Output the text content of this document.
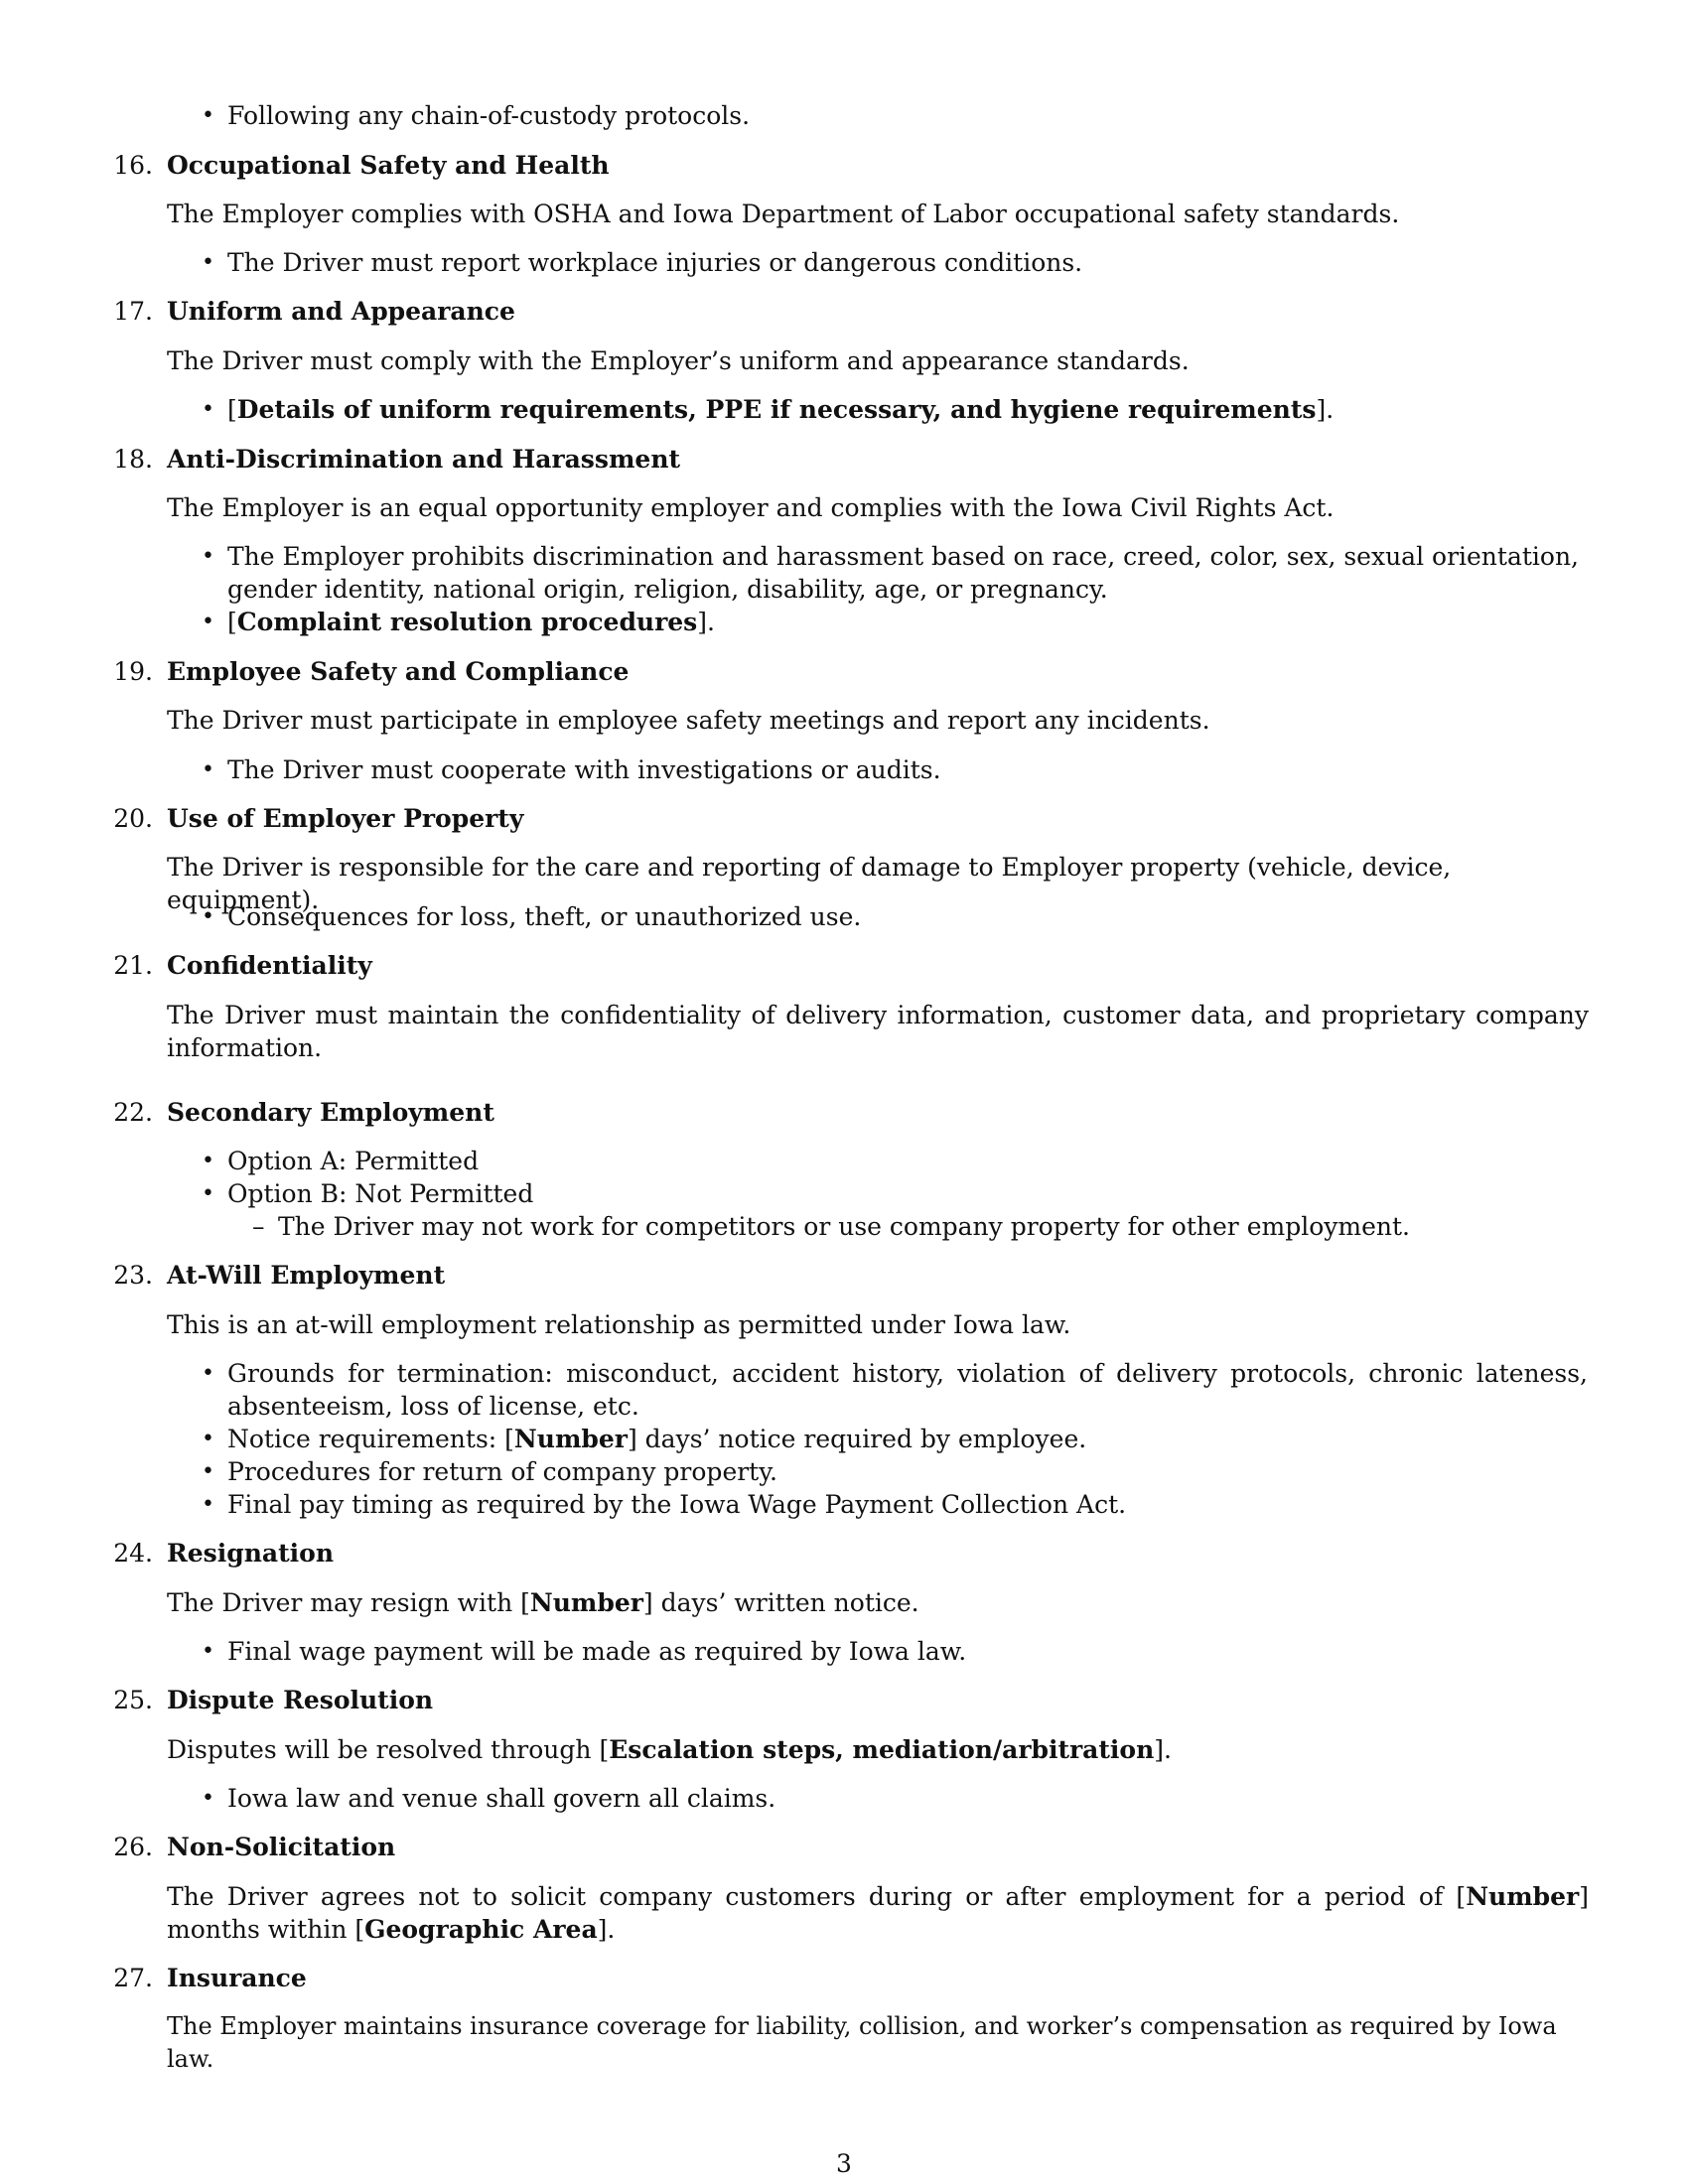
• Following any chain-of-custody protocols.

16. Occupational Safety and Health

The Employer complies with OSHA and Iowa Department of Labor occupational safety standards.

• The Driver must report workplace injuries or dangerous conditions.

17. Uniform and Appearance

The Driver must comply with the Employer’s uniform and appearance standards.

• [Details of uniform requirements, PPE if necessary, and hygiene requirements].

18. Anti-Discrimination and Harassment

The Employer is an equal opportunity employer and complies with the Iowa Civil Rights Act.

• The Employer prohibits discrimination and harassment based on race, creed, color, sex, sexual orientation, gender identity, national origin, religion, disability, age, or pregnancy.

• [Complaint resolution procedures].

19. Employee Safety and Compliance

The Driver must participate in employee safety meetings and report any incidents.

• The Driver must cooperate with investigations or audits.

20. Use of Employer Property

The Driver is responsible for the care and reporting of damage to Employer property (vehicle, device, equipment).

• Consequences for loss, theft, or unauthorized use.

21. Confidentiality

The Driver must maintain the confidentiality of delivery information, customer data, and proprietary company information.

22. Secondary Employment

• Option A: Permitted

• Option B: Not Permitted

– The Driver may not work for competitors or use company property for other employment.

23. At-Will Employment

This is an at-will employment relationship as permitted under Iowa law.

• Grounds for termination: misconduct, accident history, violation of delivery protocols, chronic lateness, absenteeism, loss of license, etc.

• Notice requirements: [Number] days’ notice required by employee.

• Procedures for return of company property.

• Final pay timing as required by the Iowa Wage Payment Collection Act.

24. Resignation

The Driver may resign with [Number] days’ written notice.

• Final wage payment will be made as required by Iowa law.

25. Dispute Resolution

Disputes will be resolved through [Escalation steps, mediation/arbitration].

• Iowa law and venue shall govern all claims.

26. Non-Solicitation

The Driver agrees not to solicit company customers during or after employment for a period of [Number] months within [Geographic Area].

27. Insurance

The Employer maintains insurance coverage for liability, collision, and worker’s compensation as required by Iowa law.

3
